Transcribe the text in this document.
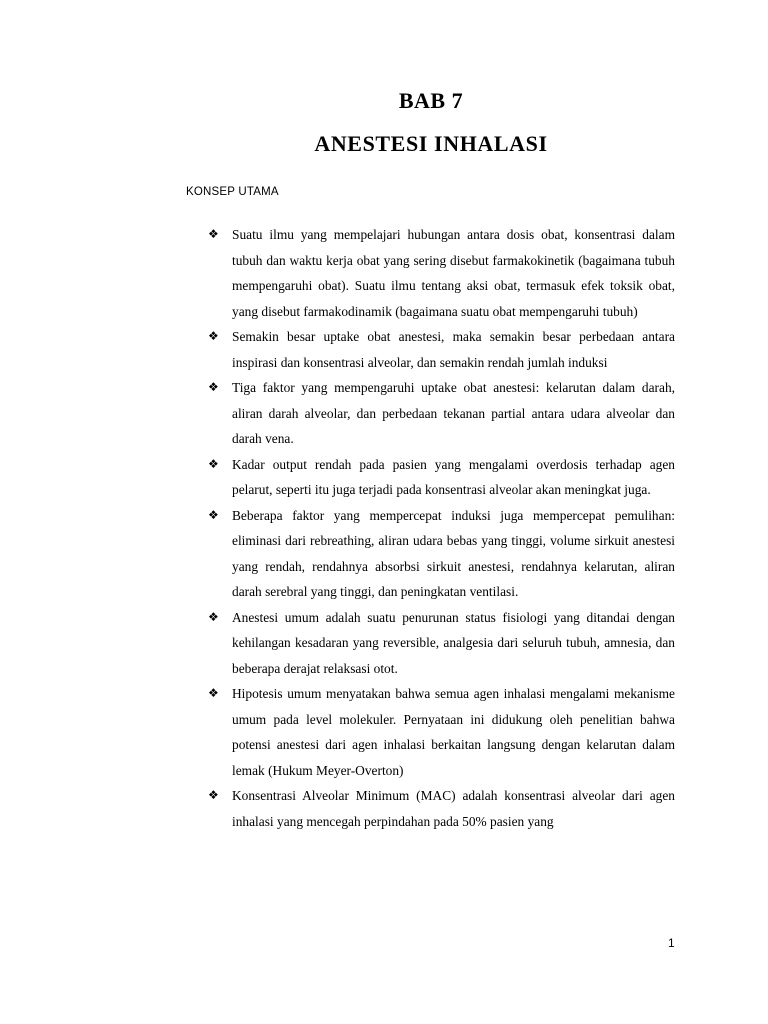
BAB 7
ANESTESI INHALASI
KONSEP UTAMA
❖ Suatu ilmu yang mempelajari hubungan antara dosis obat, konsentrasi dalam tubuh dan waktu kerja obat yang sering disebut farmakokinetik (bagaimana tubuh mempengaruhi obat). Suatu ilmu tentang aksi obat, termasuk efek toksik obat, yang disebut farmakodinamik (bagaimana suatu obat mempengaruhi tubuh)
❖ Semakin besar uptake obat anestesi, maka semakin besar perbedaan antara inspirasi dan konsentrasi alveolar, dan semakin rendah jumlah induksi
❖ Tiga faktor yang mempengaruhi uptake obat anestesi: kelarutan dalam darah, aliran darah alveolar, dan perbedaan tekanan partial antara udara alveolar dan darah vena.
❖ Kadar output rendah pada pasien yang mengalami overdosis terhadap agen pelarut, seperti itu juga terjadi pada konsentrasi alveolar akan meningkat juga.
❖ Beberapa faktor yang mempercepat induksi juga mempercepat pemulihan: eliminasi dari rebreathing, aliran udara bebas yang tinggi, volume sirkuit anestesi yang rendah, rendahnya absorbsi sirkuit anestesi, rendahnya kelarutan, aliran darah serebral yang tinggi, dan peningkatan ventilasi.
❖ Anestesi umum adalah suatu penurunan status fisiologi yang ditandai dengan kehilangan kesadaran yang reversible, analgesia dari seluruh tubuh, amnesia, dan beberapa derajat relaksasi otot.
❖ Hipotesis umum menyatakan bahwa semua agen inhalasi mengalami mekanisme umum pada level molekuler. Pernyataan ini didukung oleh penelitian bahwa potensi anestesi dari agen inhalasi berkaitan langsung dengan kelarutan dalam lemak (Hukum Meyer-Overton)
❖ Konsentrasi Alveolar Minimum (MAC) adalah konsentrasi alveolar dari agen inhalasi yang mencegah perpindahan pada 50% pasien yang
1
